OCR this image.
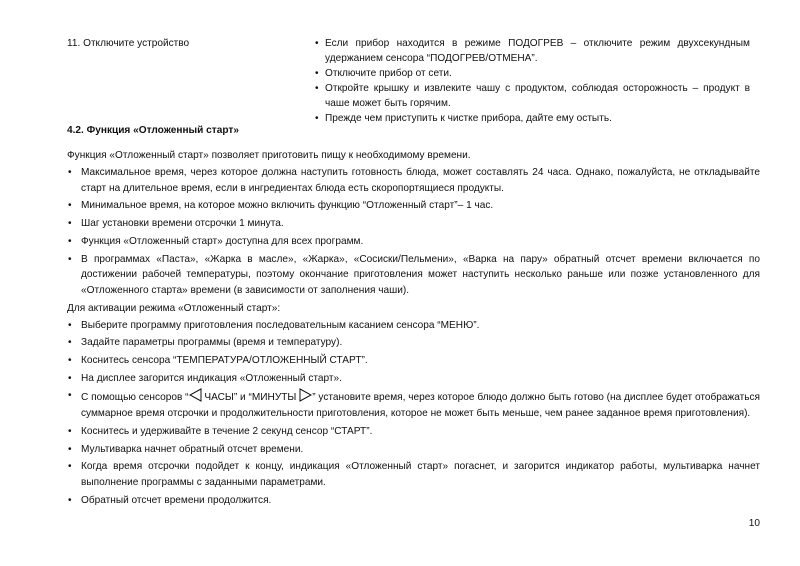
11. Отключите устройство
•	Если прибор находится в режиме ПОДОГРЕВ – отключите режим двухсекундным удержанием сенсора “ПОДОГРЕВ/ОТМЕНА”.
• Отключите прибор от сети.
• Откройте крышку и извлеките чашу с продуктом, соблюдая осторожность – продукт в чаше может быть горячим.
• Прежде чем приступить к чистке прибора, дайте ему остыть.
4.2. Функция «Отложенный старт»

Функция «Отложенный старт» позволяет приготовить пищу к необходимому времени.

• Максимальное время, через которое должна наступить готовность блюда, может составлять 24 часа. Однако, пожалуйста, не откладывайте старт на длительное время, если в ингредиентах блюда есть скоропортящиеся продукты.
• Минимальное время, на которое можно включить функцию “Отложенный старт”– 1 час.
• Шаг установки времени отсрочки 1 минута.
• Функция «Отложенный старт» доступна для всех программ.
• В программах «Паста», «Жарка в масле», «Жарка», «Сосиски/Пельмени», «Варка на пару» обратный отсчет времени включается по достижении рабочей температуры, поэтому окончание приготовления может наступить несколько раньше или позже установленного для «Отложенного старта» времени (в зависимости от заполнения чаши).

Для активации режима «Отложенный старт»:

• Выберите программу приготовления последовательным касанием сенсора “МЕНЮ”.
• Задайте параметры программы (время и температуру).
• Коснитесь сенсора “ТЕМПЕРАТУРА/ОТЛОЖЕННЫЙ СТАРТ”.
• На дисплее загорится индикация «Отложенный старт».
• С помощью сенсоров “
ЧАСЫ” и “МИНУТЫ
” установите время, через которое блюдо должно быть готово (на дисплее будет отображаться суммарное время отсрочки и продолжительности приготовления, которое не может быть меньше, чем ранее заданное время приготовления).
• Коснитесь и удерживайте в течение 2 секунд сенсор “СТАРТ”.
• Мультиварка начнет обратный отсчет времени.
• Когда время отсрочки подойдет к концу, индикация «Отложенный старт» погаснет, и загорится индикатор работы, мультиварка начнет выполнение программы с заданными параметрами.
• Обратный отсчет времени продолжится.
10
